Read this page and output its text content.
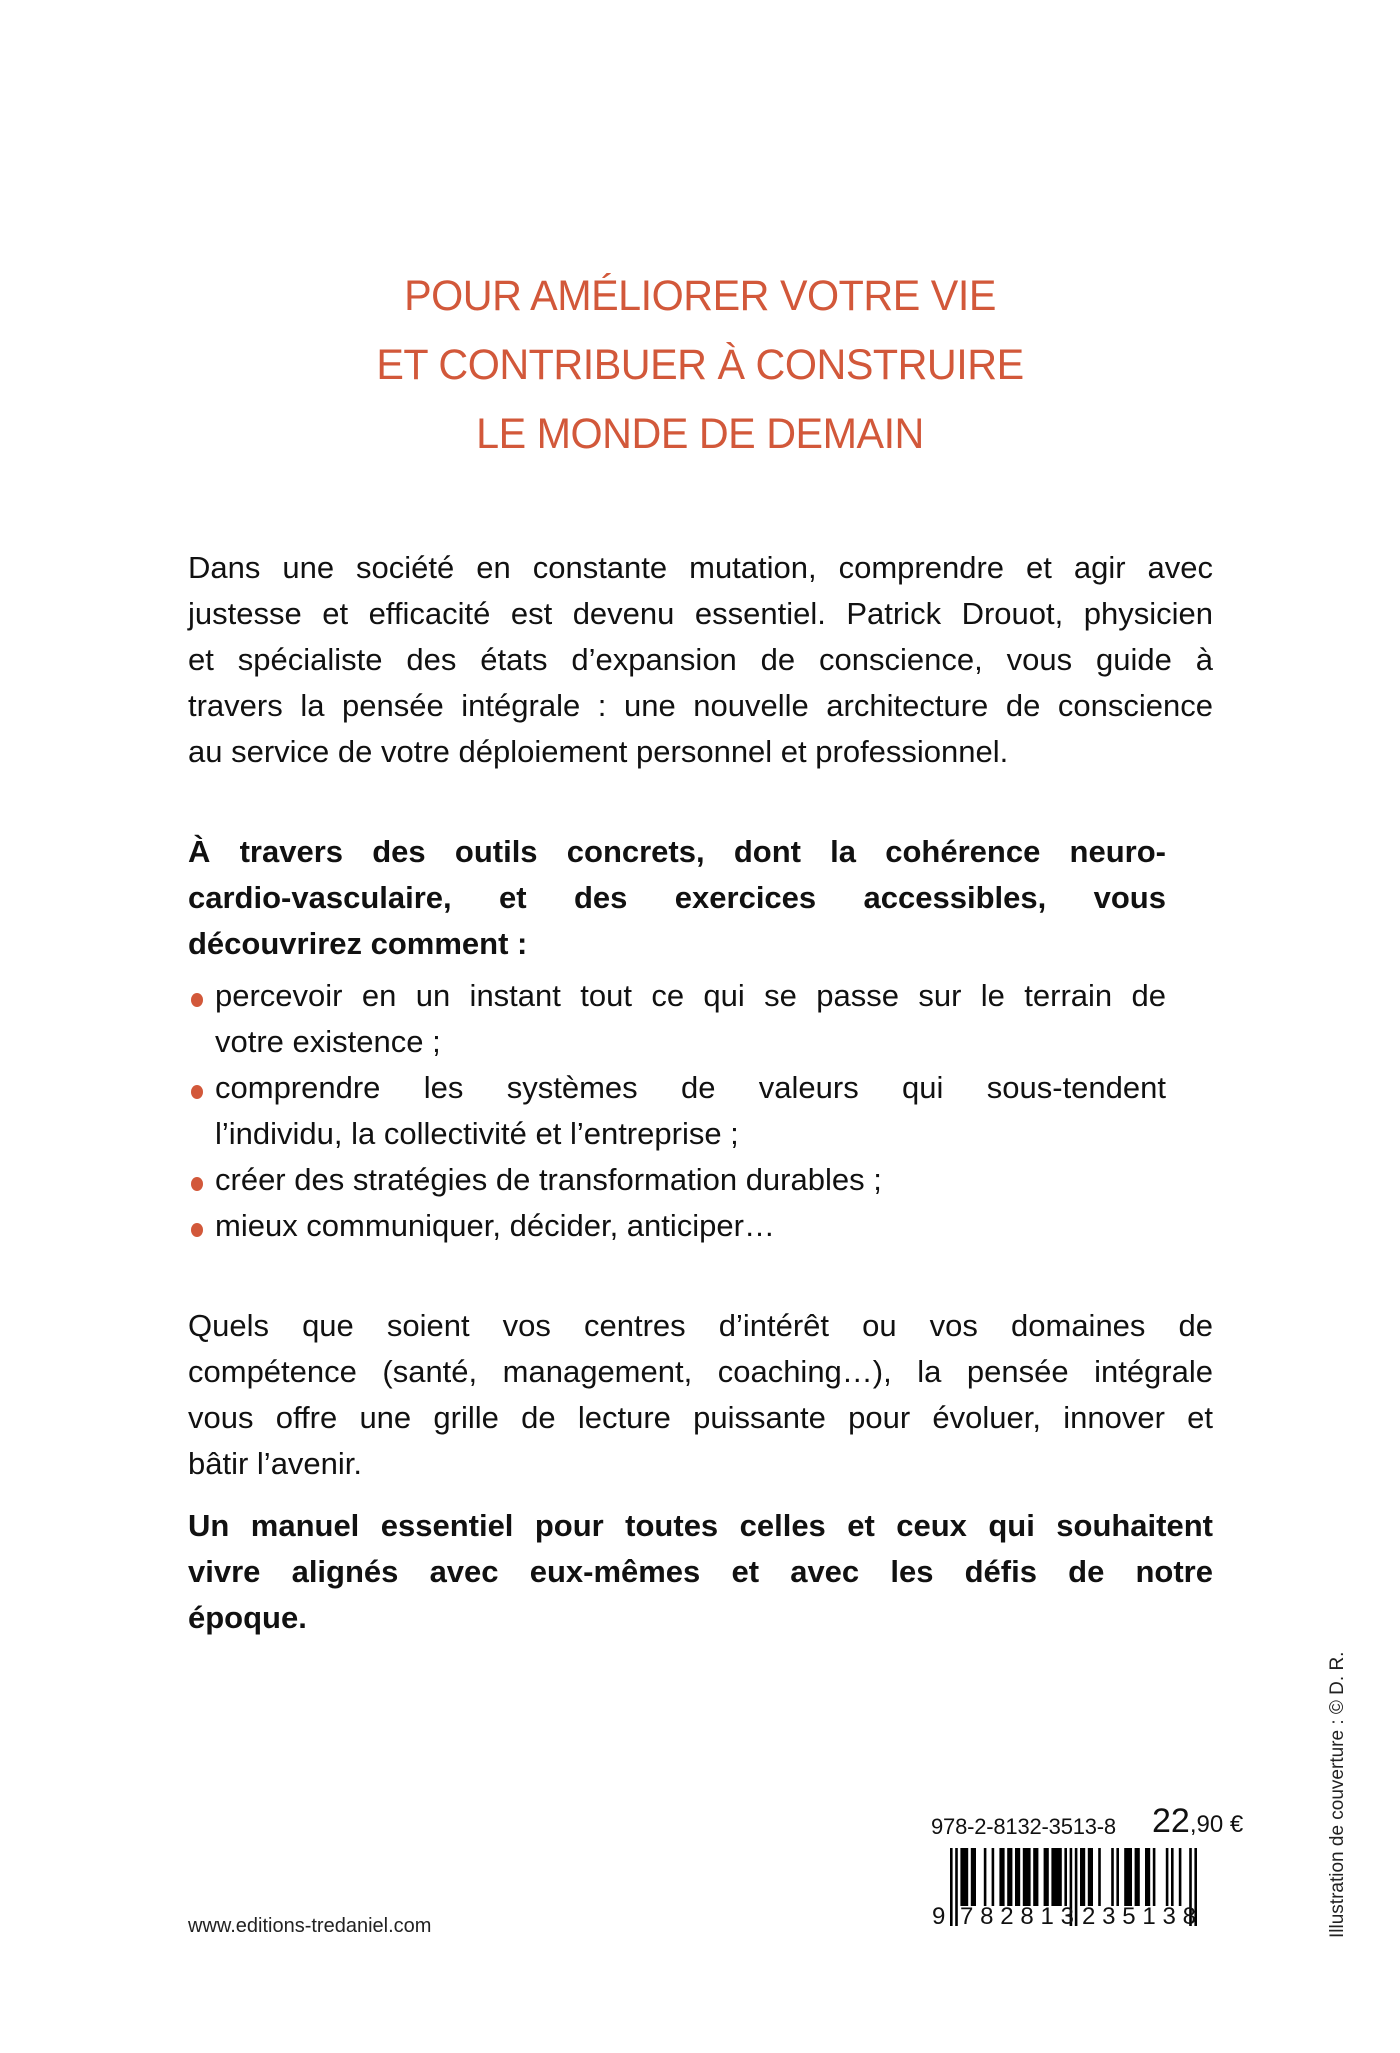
POUR AMÉLIORER VOTRE VIE
ET CONTRIBUER À CONSTRUIRE
LE MONDE DE DEMAIN
Dans une société en constante mutation, comprendre et agir avec
justesse et efficacité est devenu essentiel. Patrick Drouot, physicien
et spécialiste des états d’expansion de conscience, vous guide à
travers la pensée intégrale : une nouvelle architecture de conscience
au service de votre déploiement personnel et professionnel.
À travers des outils concrets, dont la cohérence neuro-
cardio-vasculaire, et des exercices accessibles, vous
découvrirez comment :
percevoir en un instant tout ce qui se passe sur le terrain de
votre existence ;
comprendre les systèmes de valeurs qui sous-tendent
l’individu, la collectivité et l’entreprise ;
créer des stratégies de transformation durables ;
mieux communiquer, décider, anticiper…
Quels que soient vos centres d’intérêt ou vos domaines de
compétence (santé, management, coaching…), la pensée intégrale
vous offre une grille de lecture puissante pour évoluer, innover et
bâtir l’avenir.
Un manuel essentiel pour toutes celles et ceux qui souhaitent
vivre alignés avec eux-mêmes et avec les défis de notre
époque.
www.editions-tredaniel.com
978-2-8132-3513-8 22,90 €
9 782813 235138	Illustration de couverture : © D. R.
